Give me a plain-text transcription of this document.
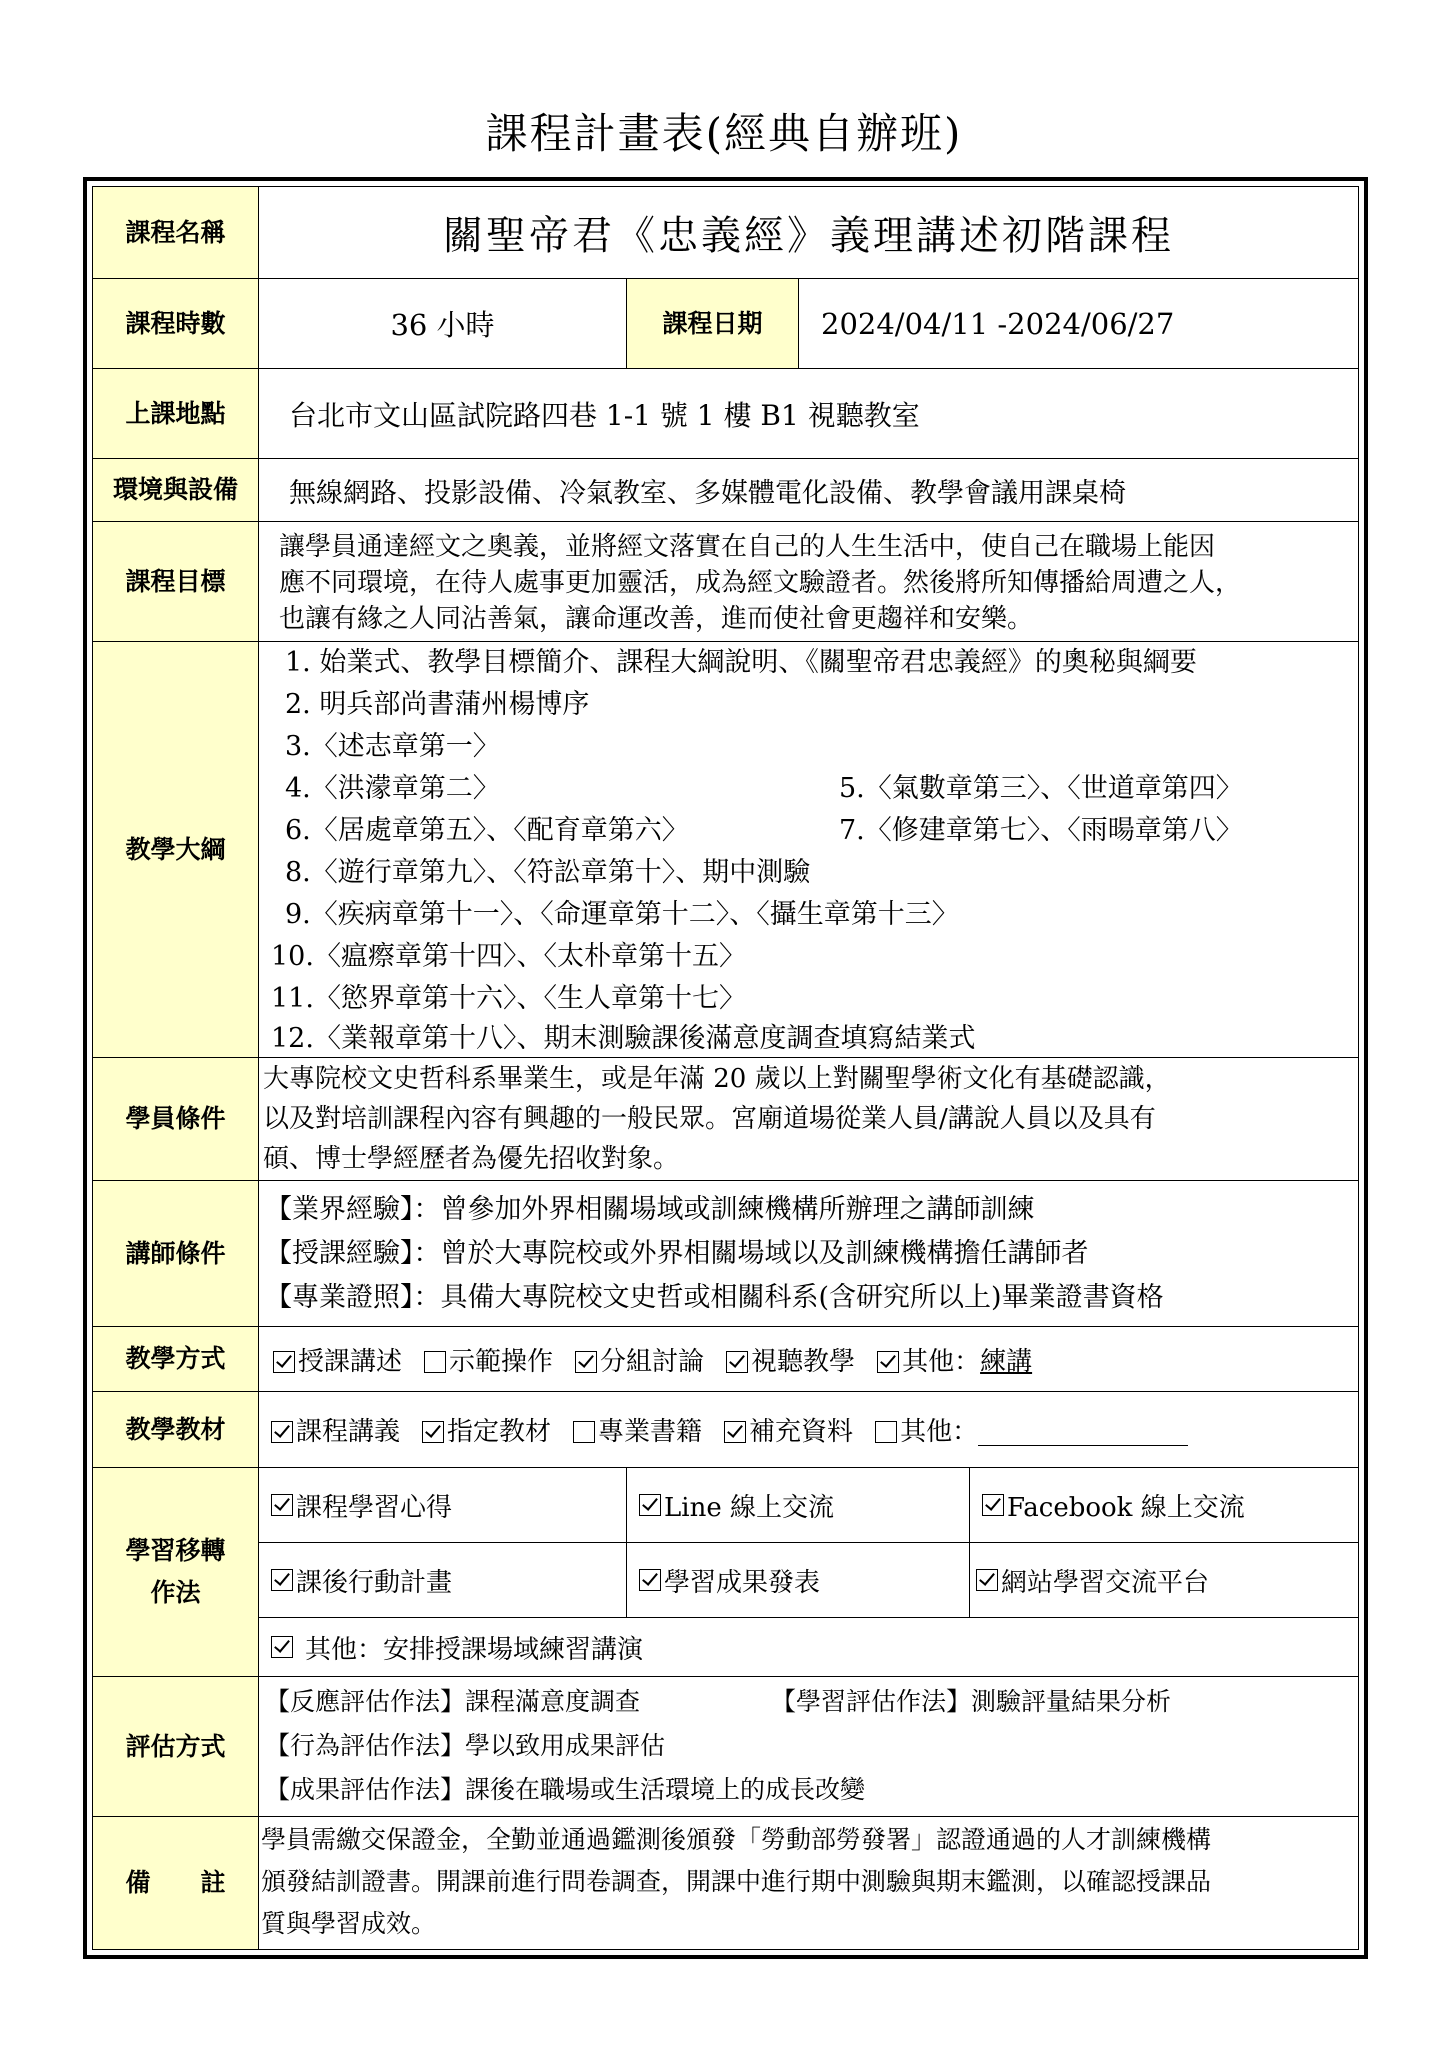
課程計畫表(經典自辦班)
課程名稱	關聖帝君《忠義經》義理講述初階課程
課程時數	36 小時	課程日期	2024/04/11 -2024/06/27
上課地點	台北市文山區試院路四巷 1-1 號 1 樓 B1 視聽教室
環境與設備	無線網路、投影設備、冷氣教室、多媒體電化設備、教學會議用課桌椅
課程目標
讓學員通達經文之奧義，並將經文落實在自己的人生生活中，使自己在職場上能因
應不同環境，在待人處事更加靈活，成為經文驗證者。然後將所知傳播給周遭之人，
也讓有緣之人同沾善氣，讓命運改善，進而使社會更趨祥和安樂。
教學大綱
1. 始業式、教學目標簡介、課程大綱說明、《關聖帝君忠義經》的奧秘與綱要
2. 明兵部尚書蒲州楊博序
3.〈述志章第一〉
4.〈洪濛章第二〉	5.〈氣數章第三〉、〈世道章第四〉
6.〈居處章第五〉、〈配育章第六〉	7.〈修建章第七〉、〈雨暘章第八〉
8.〈遊行章第九〉、〈符訟章第十〉、期中測驗
9.〈疾病章第十一〉、〈命運章第十二〉、〈攝生章第十三〉
10.〈瘟瘵章第十四〉、〈太朴章第十五〉
11.〈慾界章第十六〉、〈生人章第十七〉
12.〈業報章第十八〉、期末測驗課後滿意度調查填寫結業式
學員條件
大專院校文史哲科系畢業生，或是年滿 20 歲以上對關聖學術文化有基礎認識，
以及對培訓課程內容有興趣的一般民眾。宮廟道場從業人員/講說人員以及具有
碩、博士學經歷者為優先招收對象。
講師條件
【業界經驗】：曾參加外界相關場域或訓練機構所辦理之講師訓練
【授課經驗】：曾於大專院校或外界相關場域以及訓練機構擔任講師者
【專業證照】：具備大專院校文史哲或相關科系(含研究所以上)畢業證書資格
教學方式	授課講述	示範操作	分組討論	視聽教學	其他：練講
教學教材	課程講義	指定教材	專業書籍	補充資料	其他：
學習移轉
作法
課程學習心得	Line 線上交流	Facebook 線上交流
課後行動計畫	學習成果發表	網站學習交流平台
其他：安排授課場域練習講演
評估方式
【反應評估作法】課程滿意度調查	【學習評估作法】測驗評量結果分析
【行為評估作法】學以致用成果評估
【成果評估作法】課後在職場或生活環境上的成長改變
備　　註
學員需繳交保證金，全勤並通過鑑測後頒發「勞動部勞發署」認證通過的人才訓練機構
頒發結訓證書。開課前進行問卷調查，開課中進行期中測驗與期末鑑測，以確認授課品
質與學習成效。
